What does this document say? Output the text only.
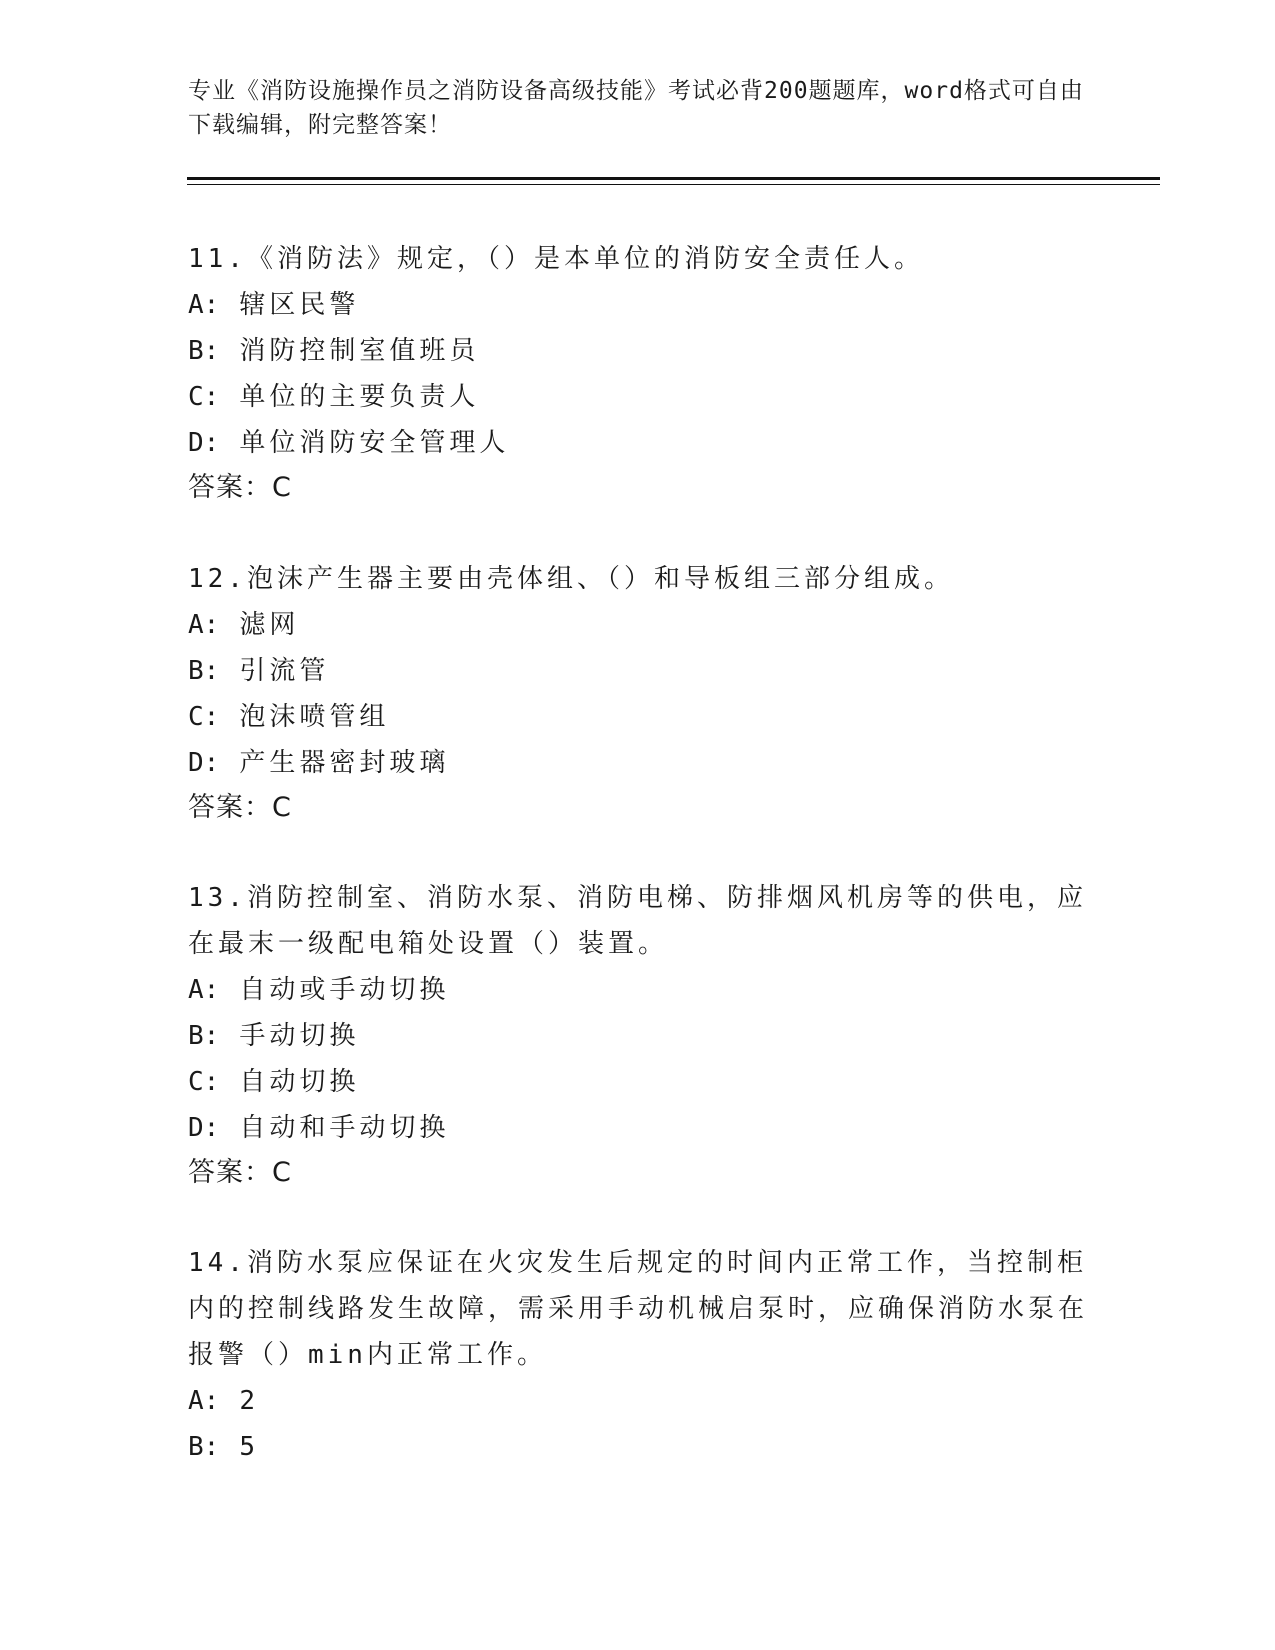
专业《消防设施操作员之消防设备高级技能》考试必背200题题库，word格式可自由下载编辑，附完整答案！
11.《消防法》规定，（）是本单位的消防安全责任人。
A: 辖区民警
B: 消防控制室值班员
C: 单位的主要负责人
D: 单位消防安全管理人
答案：C
12.泡沫产生器主要由壳体组、（）和导板组三部分组成。
A: 滤网
B: 引流管
C: 泡沫喷管组
D: 产生器密封玻璃
答案：C
13.消防控制室、消防水泵、消防电梯、防排烟风机房等的供电，应在最末一级配电箱处设置（）装置。
A: 自动或手动切换
B: 手动切换
C: 自动切换
D: 自动和手动切换
答案：C
14.消防水泵应保证在火灾发生后规定的时间内正常工作，当控制柜内的控制线路发生故障，需采用手动机械启泵时，应确保消防水泵在报警（）min内正常工作。
A: 2
B: 5
